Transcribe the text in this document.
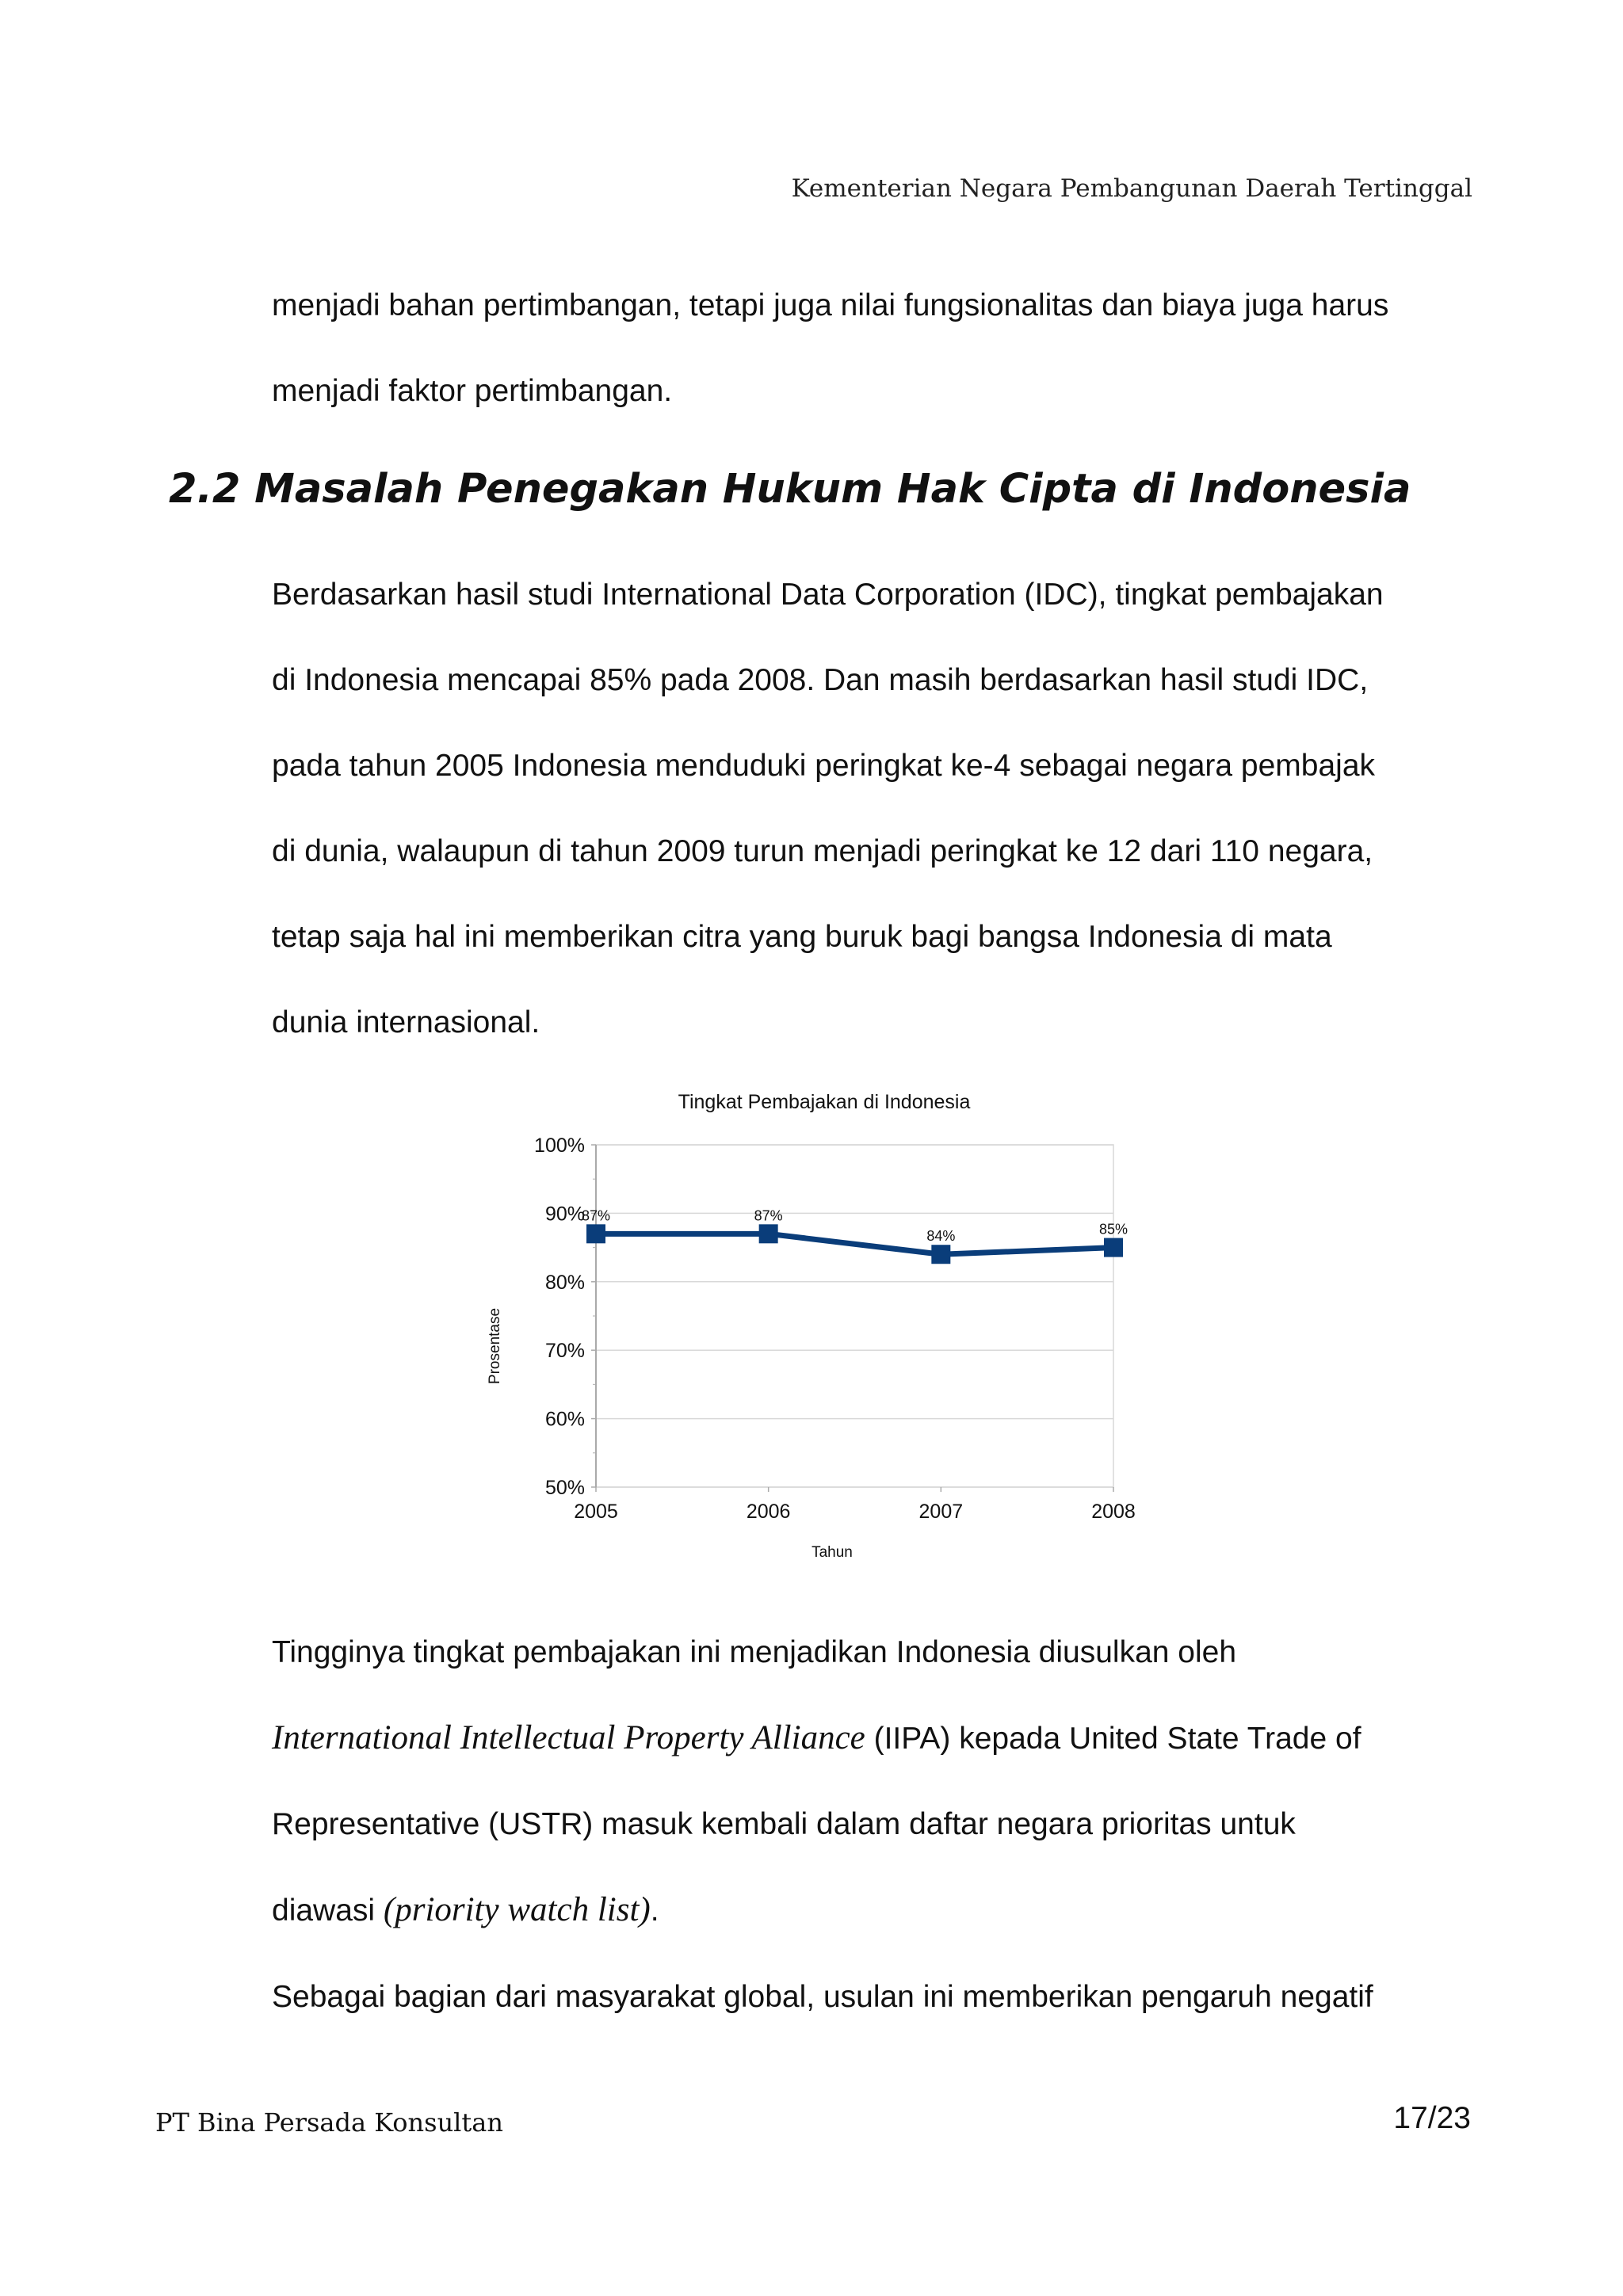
Kementerian Negara Pembangunan Daerah Tertinggal

menjadi bahan pertimbangan, tetapi juga nilai fungsionalitas dan biaya juga harus

menjadi faktor pertimbangan.

2.2 Masalah Penegakan Hukum Hak Cipta di Indonesia
Berdasarkan hasil studi International Data Corporation (IDC), tingkat pembajakan
di Indonesia mencapai 85% pada 2008. Dan masih berdasarkan hasil studi IDC,
pada tahun 2005 Indonesia menduduki peringkat ke-4 sebagai negara pembajak
di dunia, walaupun di tahun 2009 turun menjadi peringkat ke 12 dari 110 negara,
tetap saja hal ini memberikan citra yang buruk bagi bangsa Indonesia di mata
dunia internasional.
Tingkat Pembajakan di Indonesia
50%
60%
70%
80%
90%
100%
2005	2006	2007	2008
87%	87%
84%	85%
Tahun
Prosentase
Tingginya tingkat pembajakan ini menjadikan Indonesia diusulkan oleh
International Intellectual Property Alliance (IIPA) kepada United State Trade of
Representative (USTR) masuk kembali dalam daftar negara prioritas untuk
diawasi (priority watch list).

Sebagai bagian dari masyarakat global, usulan ini memberikan pengaruh negatif

PT Bina Persada Konsultan	17/23
